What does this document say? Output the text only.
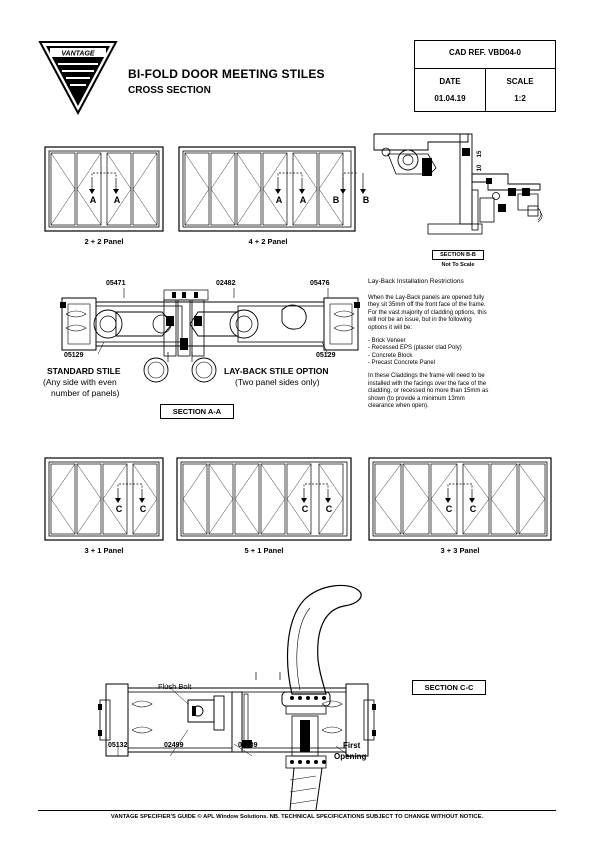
VANTAGE
BI-FOLD DOOR MEETING STILES
CROSS SECTION
CAD REF. VBD04-0
DATE
01.04.19
SCALE
1:2
A A
2 + 2 Panel
A A	B	B
4 + 2 Panel
15
10
SECTION B-B
Not To Scale
05471	02482	05476
05129	05129
STANDARD STILE
(Any side with even
number of panels)
LAY-BACK STILE OPTION
(Two panel sides only)
SECTION A-A
Lay-Back Installation Restrictions
When the Lay-Back panels are opened fully
they sit 35mm off the front face of the frame.
For the vast majority of cladding options, this
will not be an issue, but in the following
options it will be:
- Brick Veneer
- Recessed EPS (plaster clad Poly)
- Concrete Block
- Precast Concrete Panel
In these Claddings the frame will need to be
installed with the facings over the face of the
cladding, or recessed no more than 15mm as
shown (to provide a minimum 13mm
clearance when open).
C C
3 + 1 Panel
C C
5 + 1 Panel
C C
3 + 3 Panel
Flush Bolt	SECTION C-C
05132	02499	02489	First
Opening
VANTAGE SPECIFIER'S GUIDE © APL Window Solutions. NB. TECHNICAL SPECIFICATIONS SUBJECT TO CHANGE WITHOUT NOTICE.
